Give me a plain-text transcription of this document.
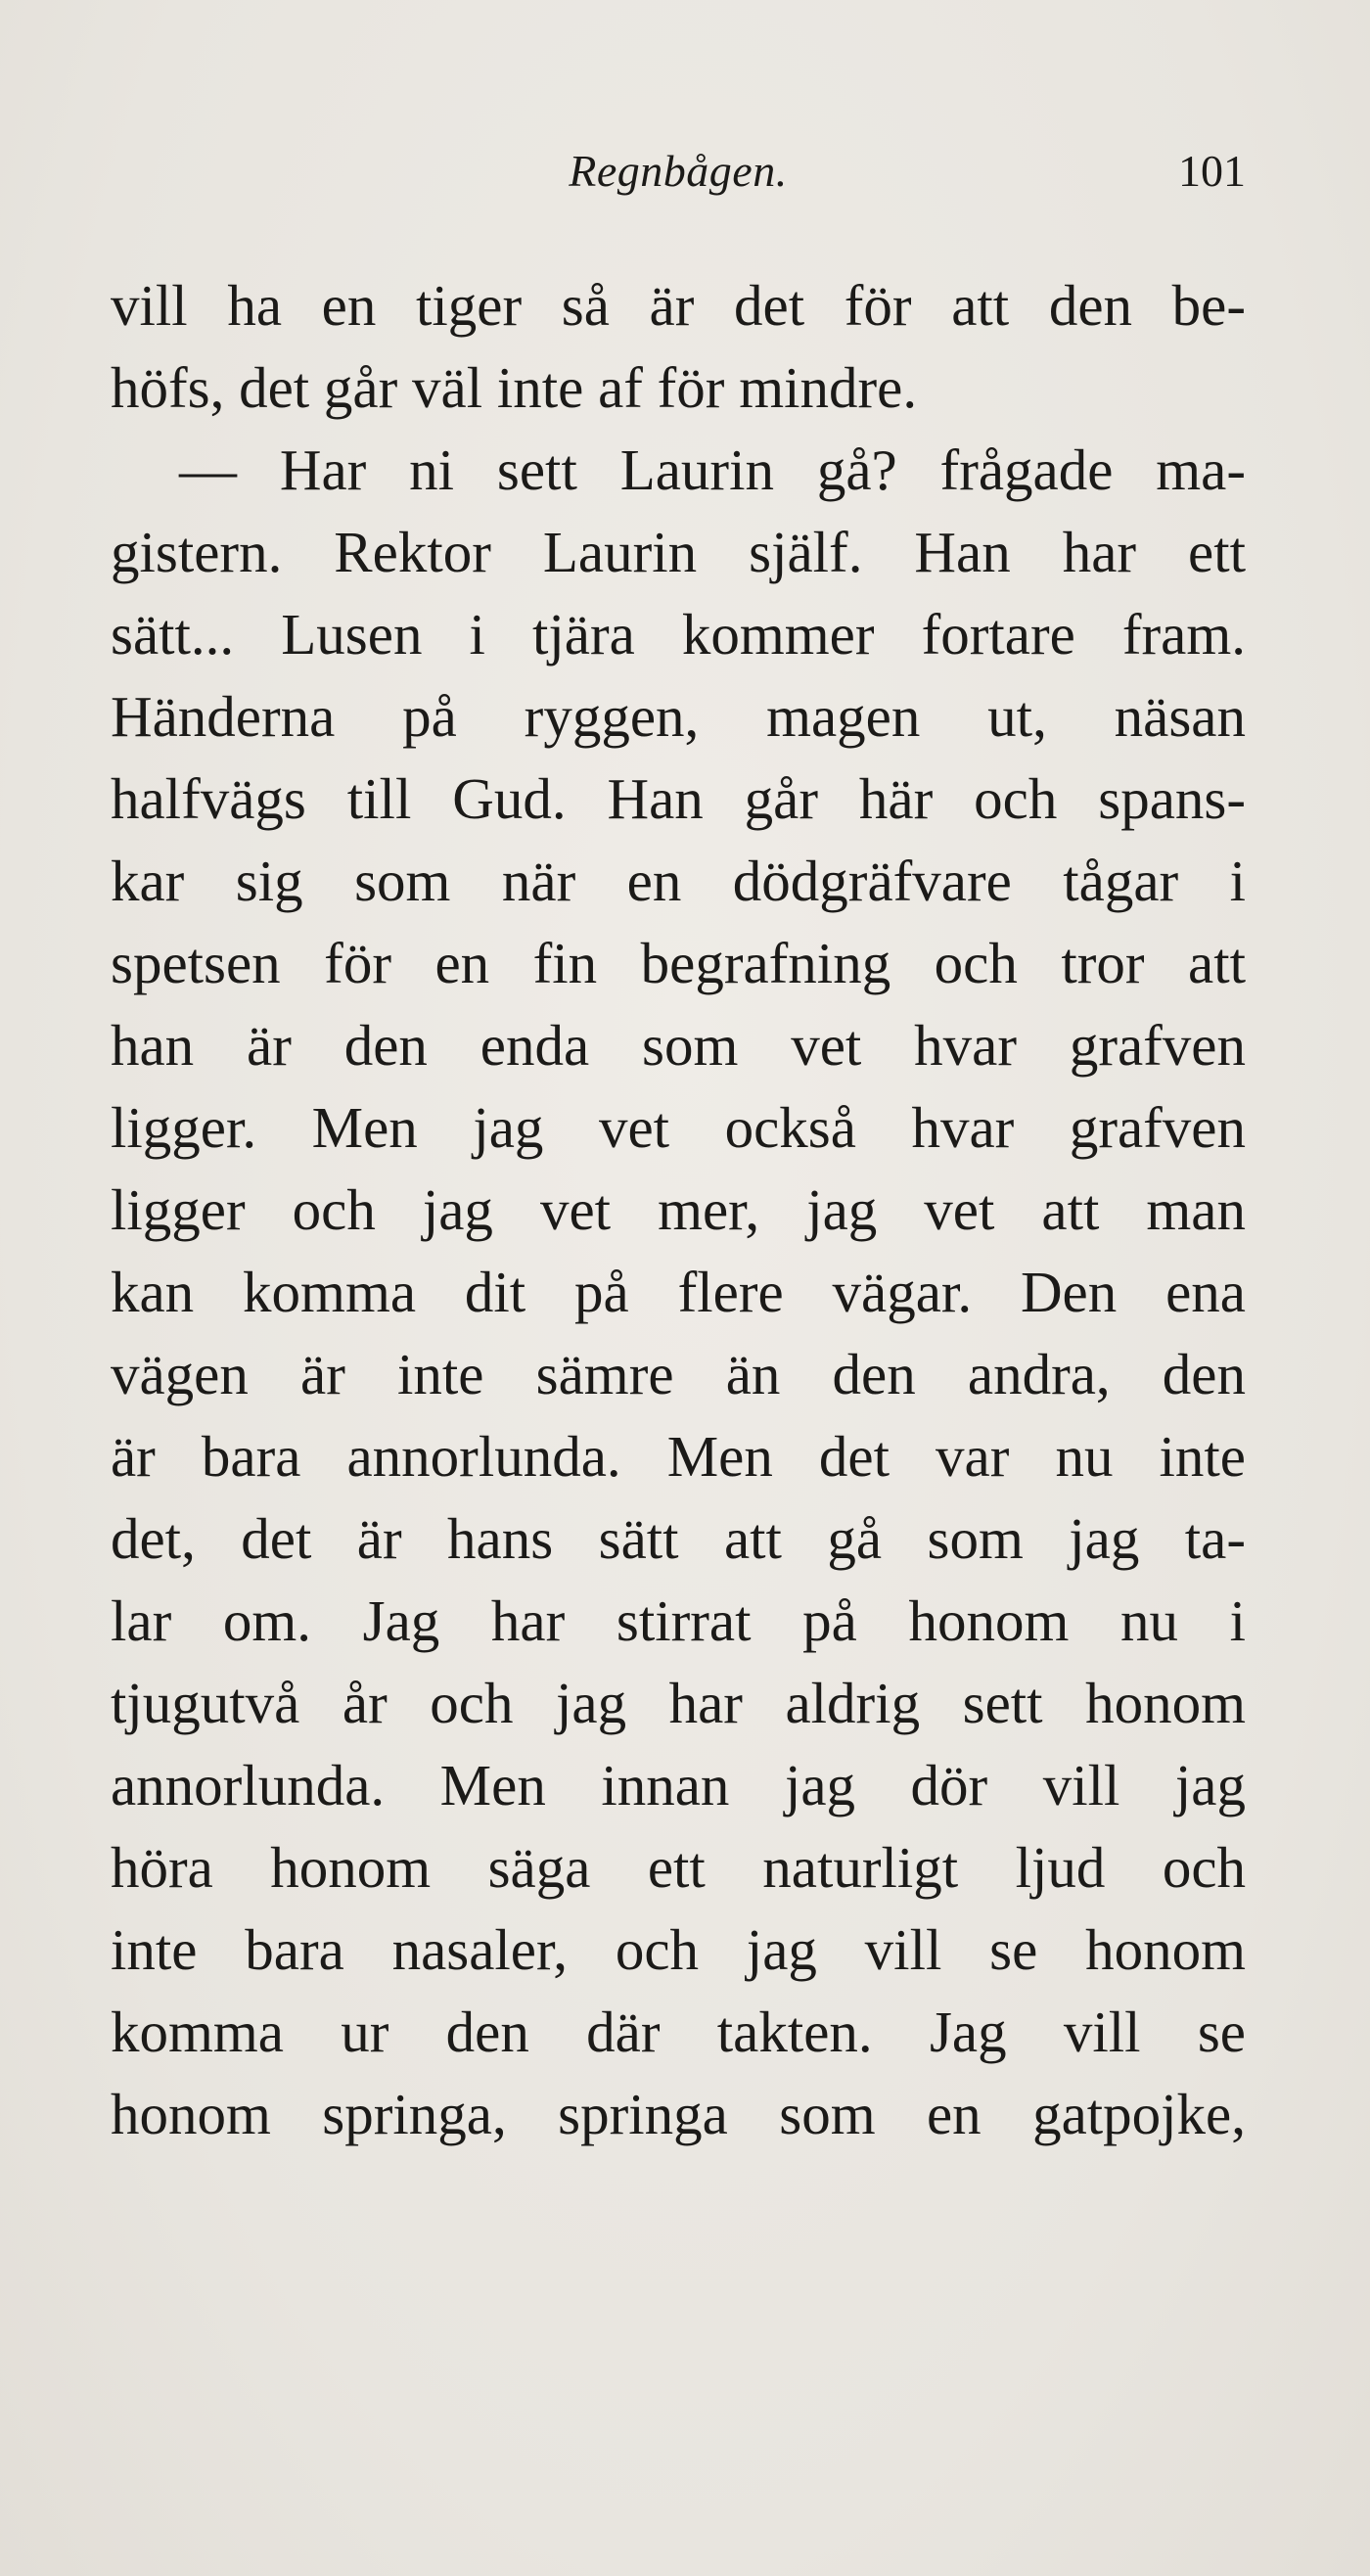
Regnbågen.	101
vill ha en tiger så är det för att den be-
höfs, det går väl inte af för mindre.
— Har ni sett Laurin gå? frågade ma-
gistern. Rektor Laurin själf. Han har ett
sätt... Lusen i tjära kommer fortare fram.
Händerna på ryggen, magen ut, näsan
halfvägs till Gud. Han går här och spans-
kar sig som när en dödgräfvare tågar i
spetsen för en fin begrafning och tror att
han är den enda som vet hvar grafven
ligger. Men jag vet också hvar grafven
ligger och jag vet mer, jag vet att man
kan komma dit på flere vägar. Den ena
vägen är inte sämre än den andra, den
är bara annorlunda. Men det var nu inte
det, det är hans sätt att gå som jag ta-
lar om. Jag har stirrat på honom nu i
tjugutvå år och jag har aldrig sett honom
annorlunda. Men innan jag dör vill jag
höra honom säga ett naturligt ljud och
inte bara nasaler, och jag vill se honom
komma ur den där takten. Jag vill se
honom springa, springa som en gatpojke,
